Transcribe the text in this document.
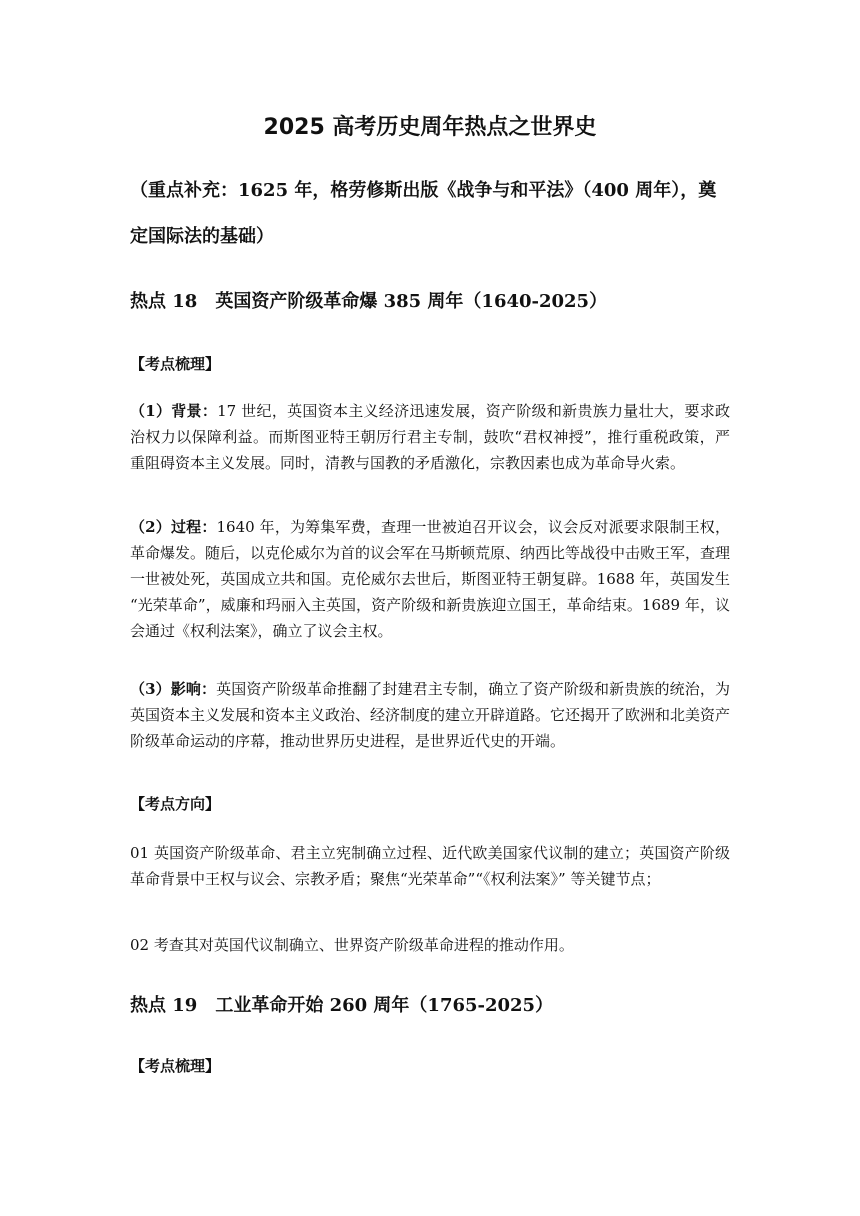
2025 高考历史周年热点之世界史
（重点补充：1625 年，格劳修斯出版《战争与和平法》（400 周年），奠定国际法的基础）
热点 18　英国资产阶级革命爆 385 周年（1640-2025）
【考点梳理】
（1）背景：17 世纪，英国资本主义经济迅速发展，资产阶级和新贵族力量壮大，要求政治权力以保障利益。而斯图亚特王朝厉行君主专制，鼓吹“君权神授”，推行重税政策，严重阻碍资本主义发展。同时，清教与国教的矛盾激化，宗教因素也成为革命导火索。
（2）过程：1640 年，为筹集军费，查理一世被迫召开议会，议会反对派要求限制王权，革命爆发。随后，以克伦威尔为首的议会军在马斯顿荒原、纳西比等战役中击败王军，查理一世被处死，英国成立共和国。克伦威尔去世后，斯图亚特王朝复辟。1688 年，英国发生 “光荣革命”，威廉和玛丽入主英国，资产阶级和新贵族迎立国王，革命结束。1689 年，议会通过《权利法案》，确立了议会主权。
（3）影响：英国资产阶级革命推翻了封建君主专制，确立了资产阶级和新贵族的统治，为英国资本主义发展和资本主义政治、经济制度的建立开辟道路。它还揭开了欧洲和北美资产阶级革命运动的序幕，推动世界历史进程，是世界近代史的开端。
【考点方向】
01 英国资产阶级革命、君主立宪制确立过程、近代欧美国家代议制的建立；英国资产阶级革命背景中王权与议会、宗教矛盾；聚焦“光荣革命”“《权利法案》” 等关键节点；
02 考查其对英国代议制确立、世界资产阶级革命进程的推动作用。
热点 19　工业革命开始 260 周年（1765-2025）
【考点梳理】
